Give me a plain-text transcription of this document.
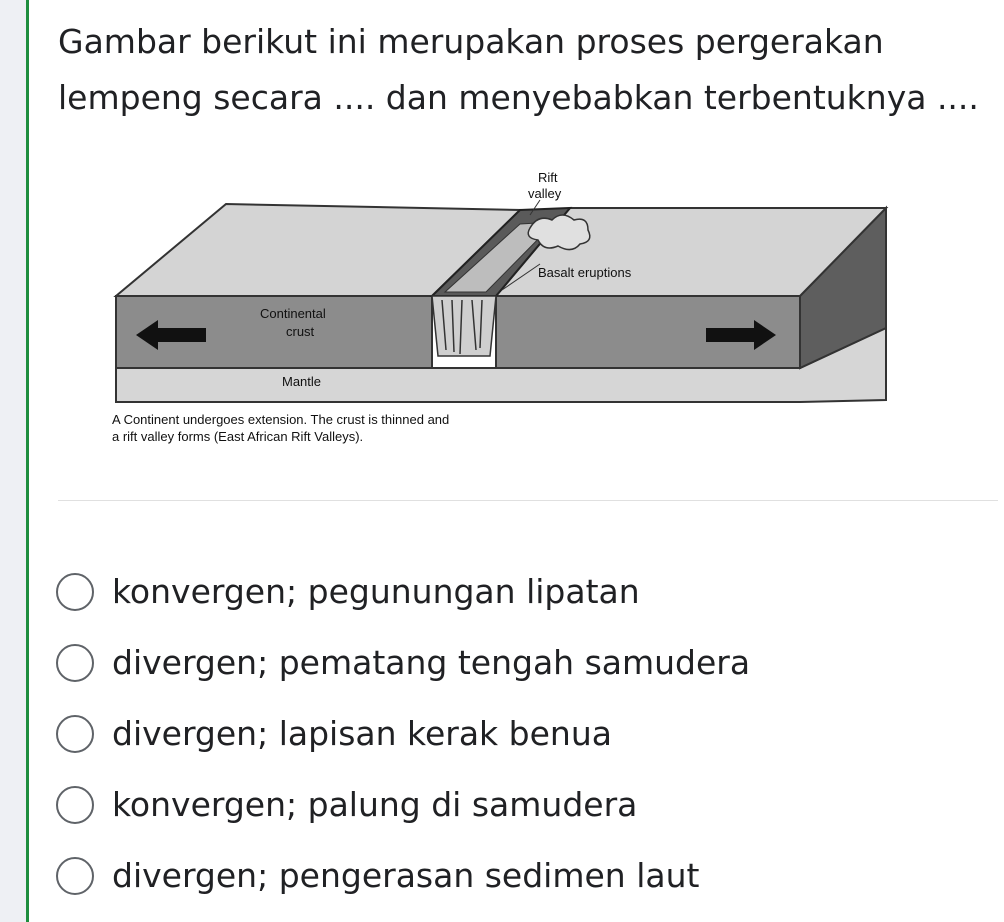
Gambar berikut ini merupakan proses pergerakan lempeng secara .... dan menyebabkan terbentuknya ....

Rift
valley
Basalt eruptions
Continental
crust
Mantle
A Continent undergoes extension. The crust is thinned and
a rift valley forms (East African Rift Valleys).
konvergen; pegunungan lipatan
divergen; pematang tengah samudera
divergen; lapisan kerak benua
konvergen; palung di samudera
divergen; pengerasan sedimen laut
